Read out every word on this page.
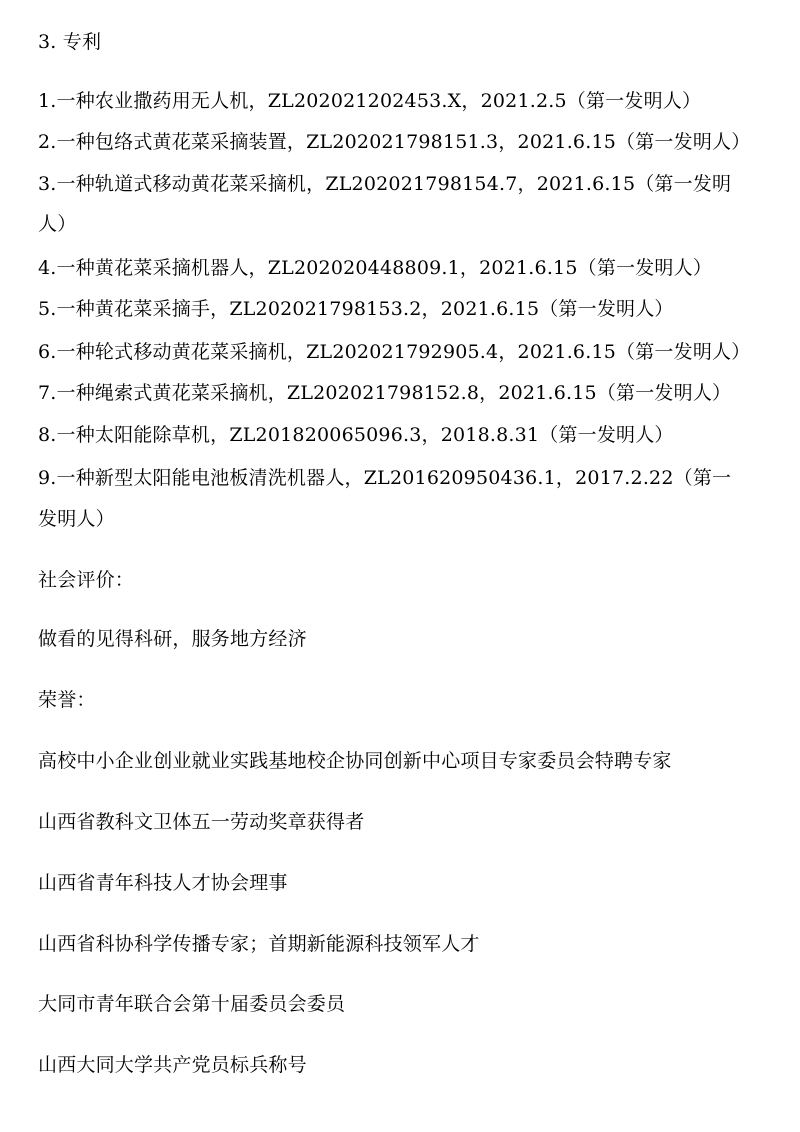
3. 专利
1.一种农业撒药用无人机，ZL202021202453.X，2021.2.5（第一发明人）
2.一种包络式黄花菜采摘装置，ZL202021798151.3，2021.6.15（第一发明人）
3.一种轨道式移动黄花菜采摘机，ZL202021798154.7，2021.6.15（第一发明
人）
4.一种黄花菜采摘机器人，ZL202020448809.1，2021.6.15（第一发明人）
5.一种黄花菜采摘手，ZL202021798153.2，2021.6.15（第一发明人）
6.一种轮式移动黄花菜采摘机，ZL202021792905.4，2021.6.15（第一发明人）
7.一种绳索式黄花菜采摘机，ZL202021798152.8，2021.6.15（第一发明人）
8.一种太阳能除草机，ZL201820065096.3，2018.8.31（第一发明人）
9.一种新型太阳能电池板清洗机器人，ZL201620950436.1，2017.2.22（第一
发明人）
社会评价：
做看的见得科研，服务地方经济
荣誉：
高校中小企业创业就业实践基地校企协同创新中心项目专家委员会特聘专家
山西省教科文卫体五一劳动奖章获得者
山西省青年科技人才协会理事
山西省科协科学传播专家；首期新能源科技领军人才
大同市青年联合会第十届委员会委员
山西大同大学共产党员标兵称号
